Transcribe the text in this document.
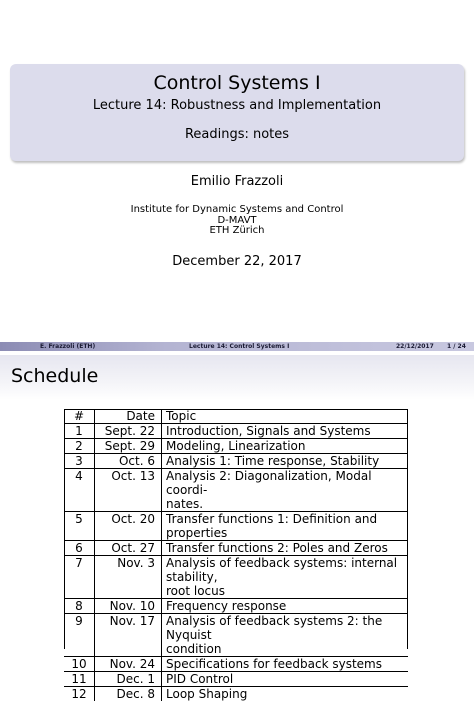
Control Systems I
Lecture 14: Robustness and Implementation
Readings: notes
Emilio Frazzoli
Institute for Dynamic Systems and Control
D-MAVT
ETH Zürich
December 22, 2017
E. Frazzoli (ETH)	Lecture 14: Control Systems I	22/12/2017 1 / 24
Schedule
#	Date	Topic
1	Sept. 22	Introduction, Signals and Systems
2	Sept. 29	Modeling, Linearization
3	Oct. 6	Analysis 1: Time response, Stability
4	Oct. 13	Analysis 2: Diagonalization, Modal coordi-
		nates.
5	Oct. 20	Transfer functions 1: Definition and properties
6	Oct. 27	Transfer functions 2: Poles and Zeros
7	Nov. 3	Analysis of feedback systems: internal stability,
		root locus
8	Nov. 10	Frequency response
9	Nov. 17	Analysis of feedback systems 2: the Nyquist
		condition
10	Nov. 24	Specifications for feedback systems
11	Dec. 1	PID Control
12	Dec. 8	Loop Shaping
